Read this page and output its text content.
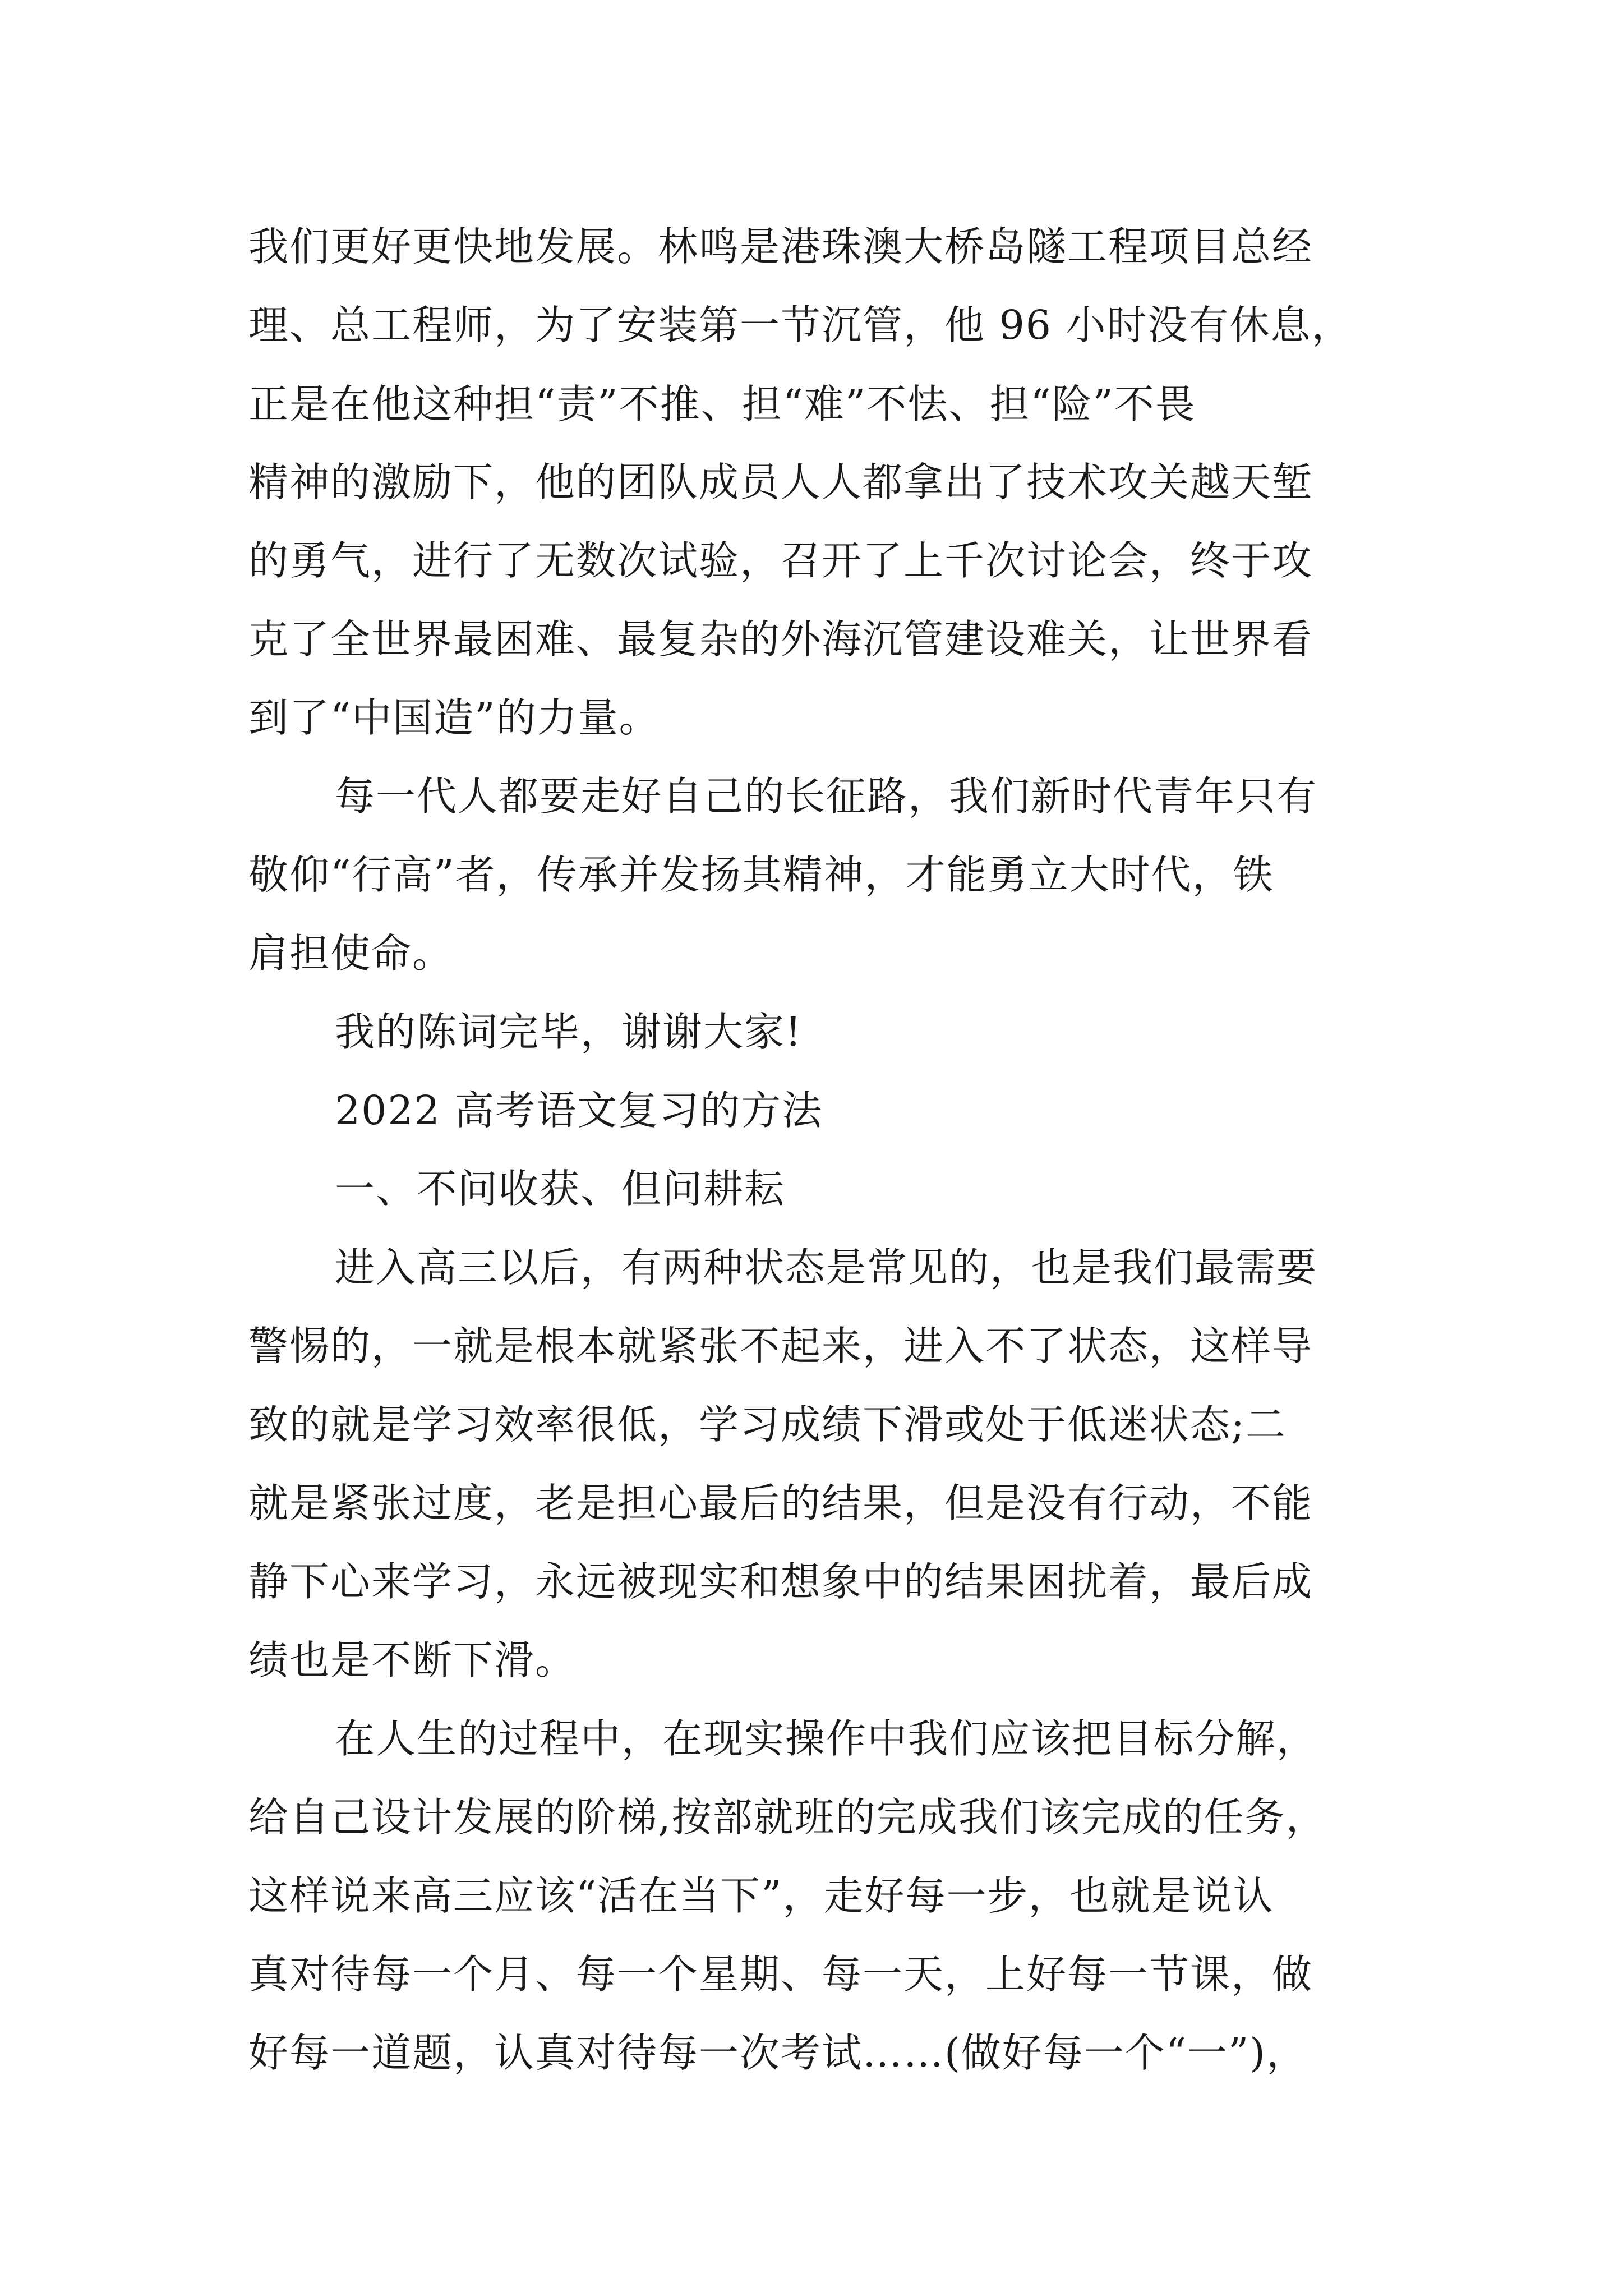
我们更好更快地发展。林鸣是港珠澳大桥岛隧工程项目总经
理、总工程师，为了安装第一节沉管，他 96 小时没有休息，
正是在他这种担“责”不推、担“难”不怯、担“险”不畏
精神的激励下，他的团队成员人人都拿出了技术攻关越天堑
的勇气，进行了无数次试验，召开了上千次讨论会，终于攻
克了全世界最困难、最复杂的外海沉管建设难关，让世界看
到了“中国造”的力量。
每一代人都要走好自己的长征路，我们新时代青年只有
敬仰“行高”者，传承并发扬其精神，才能勇立大时代，铁
肩担使命。
我的陈词完毕，谢谢大家!
2022 高考语文复习的方法
一、不问收获、但问耕耘
进入高三以后，有两种状态是常见的，也是我们最需要
警惕的，一就是根本就紧张不起来，进入不了状态，这样导
致的就是学习效率很低，学习成绩下滑或处于低迷状态;二
就是紧张过度，老是担心最后的结果，但是没有行动，不能
静下心来学习，永远被现实和想象中的结果困扰着，最后成
绩也是不断下滑。
在人生的过程中，在现实操作中我们应该把目标分解，
给自己设计发展的阶梯,按部就班的完成我们该完成的任务，
这样说来高三应该“活在当下”，走好每一步，也就是说认
真对待每一个月、每一个星期、每一天，上好每一节课，做
好每一道题，认真对待每一次考试……(做好每一个“一”)，
